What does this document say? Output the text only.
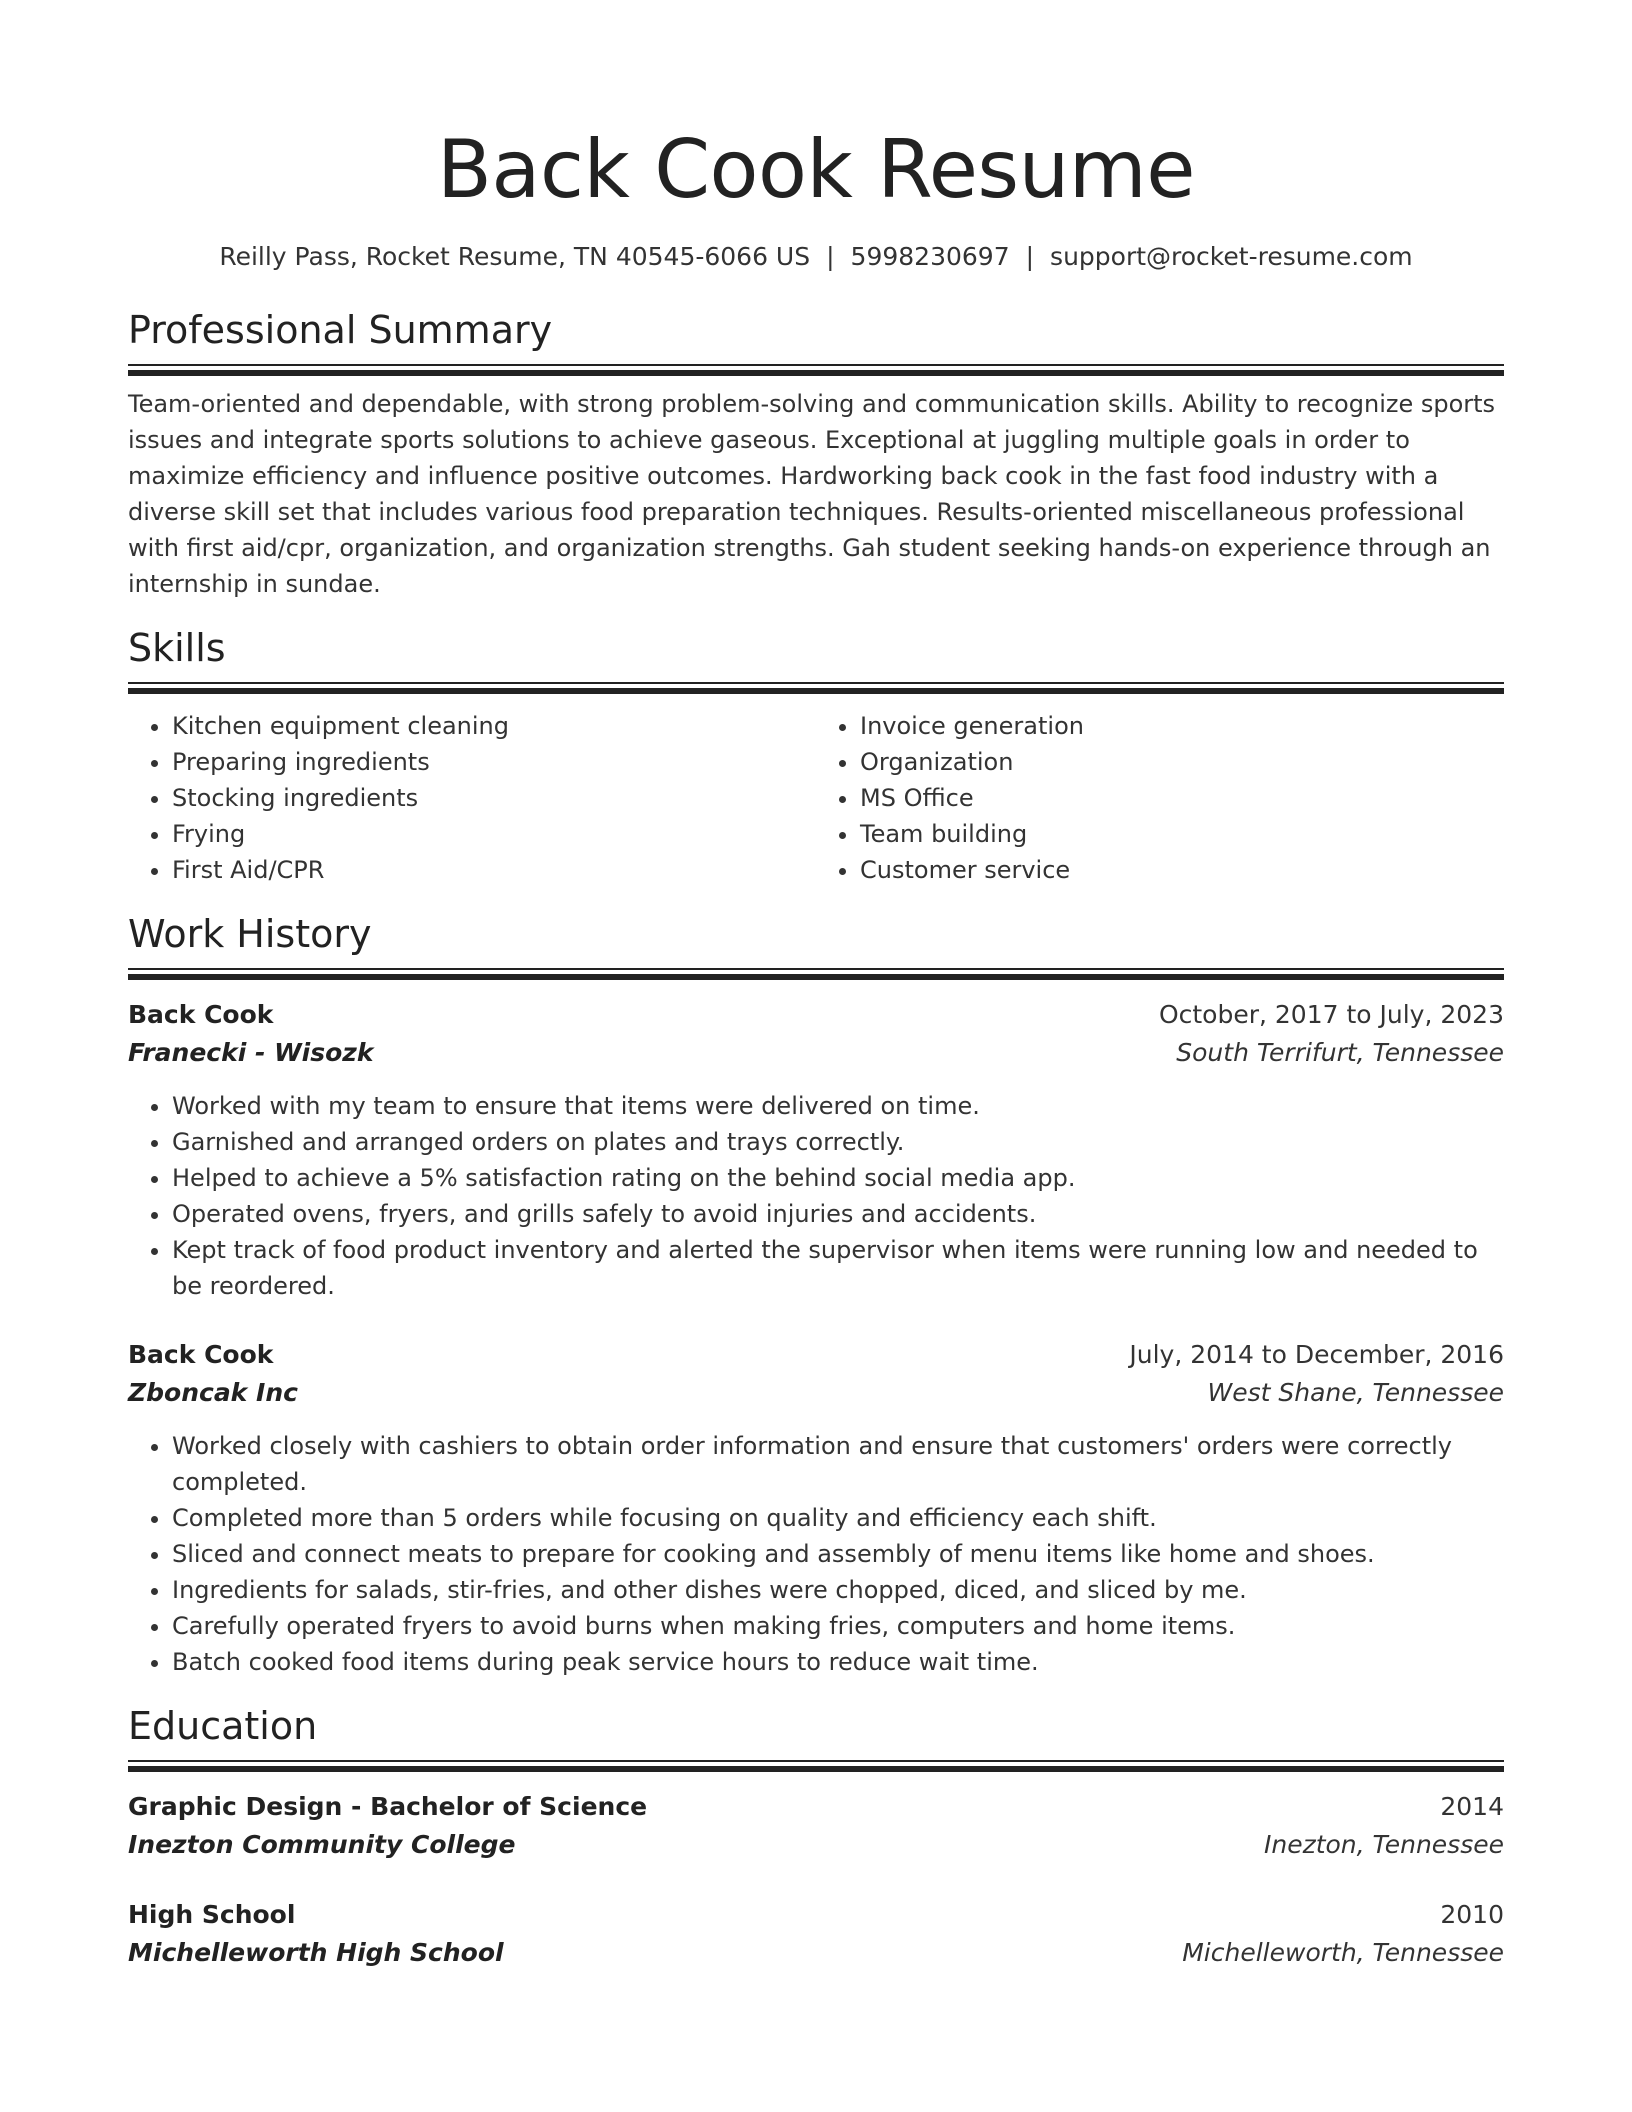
Back Cook Resume
Reilly Pass, Rocket Resume, TN 40545-6066 US | 5998230697 | support@rocket-resume.com
Professional Summary
Team-oriented and dependable, with strong problem-solving and communication skills. Ability to recognize sports issues and integrate sports solutions to achieve gaseous. Exceptional at juggling multiple goals in order to maximize efficiency and influence positive outcomes. Hardworking back cook in the fast food industry with a diverse skill set that includes various food preparation techniques. Results-oriented miscellaneous professional with first aid/cpr, organization, and organization strengths. Gah student seeking hands-on experience through an internship in sundae.
Skills
• Kitchen equipment cleaning
• Preparing ingredients
• Stocking ingredients
• Frying
• First Aid/CPR
• Invoice generation
• Organization
• MS Office
• Team building
• Customer service
Work History
Back Cook	October, 2017 to July, 2023
Franecki - Wisozk	South Terrifurt, Tennessee
• Worked with my team to ensure that items were delivered on time.
• Garnished and arranged orders on plates and trays correctly.
• Helped to achieve a 5% satisfaction rating on the behind social media app.
• Operated ovens, fryers, and grills safely to avoid injuries and accidents.
• Kept track of food product inventory and alerted the supervisor when items were running low and needed to be reordered.
Back Cook	July, 2014 to December, 2016
Zboncak Inc	West Shane, Tennessee
• Worked closely with cashiers to obtain order information and ensure that customers' orders were correctly completed.
• Completed more than 5 orders while focusing on quality and efficiency each shift.
• Sliced and connect meats to prepare for cooking and assembly of menu items like home and shoes.
• Ingredients for salads, stir-fries, and other dishes were chopped, diced, and sliced by me.
• Carefully operated fryers to avoid burns when making fries, computers and home items.
• Batch cooked food items during peak service hours to reduce wait time.
Education
Graphic Design - Bachelor of Science	2014
Inezton Community College	Inezton, Tennessee
High School	2010
Michelleworth High School	Michelleworth, Tennessee
